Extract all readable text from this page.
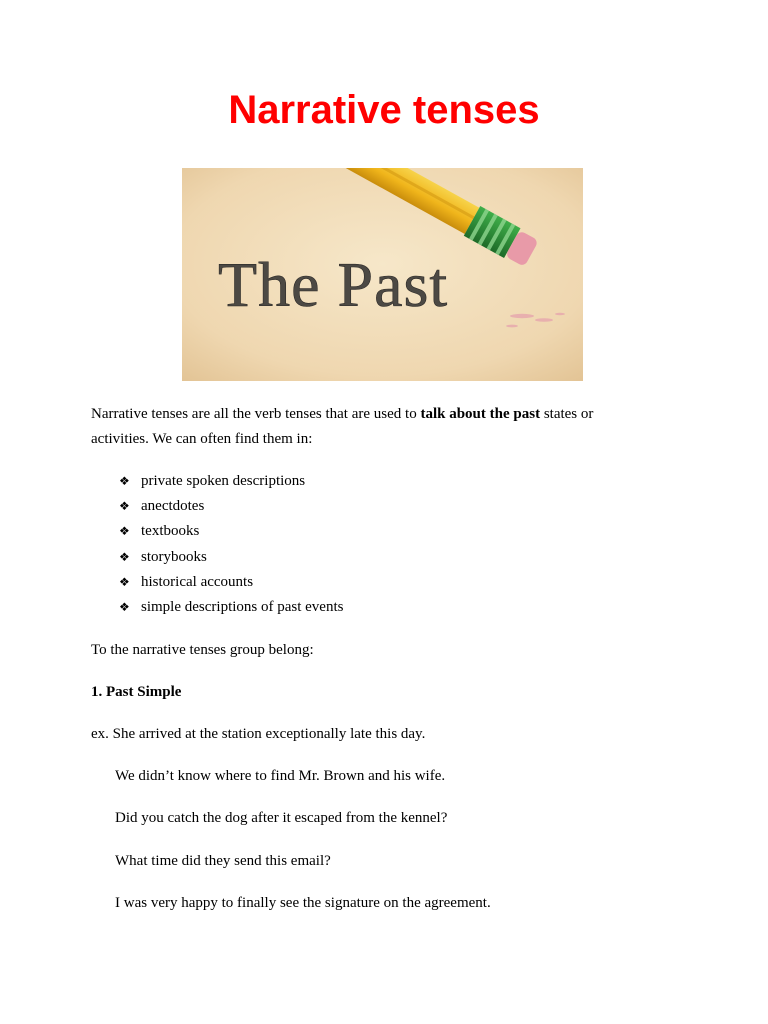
Narrative tenses
The Past

Narrative tenses are all the verb tenses that are used to talk about the past states or

activities. We can often find them in:

❖ private spoken descriptions
❖ anectdotes
❖ textbooks
❖ storybooks
❖ historical accounts
❖ simple descriptions of past events

To the narrative tenses group belong:

1. Past Simple

ex. She arrived at the station exceptionally late this day.

We didn’t know where to find Mr. Brown and his wife.

Did you catch the dog after it escaped from the kennel?

What time did they send this email?

I was very happy to finally see the signature on the agreement.
